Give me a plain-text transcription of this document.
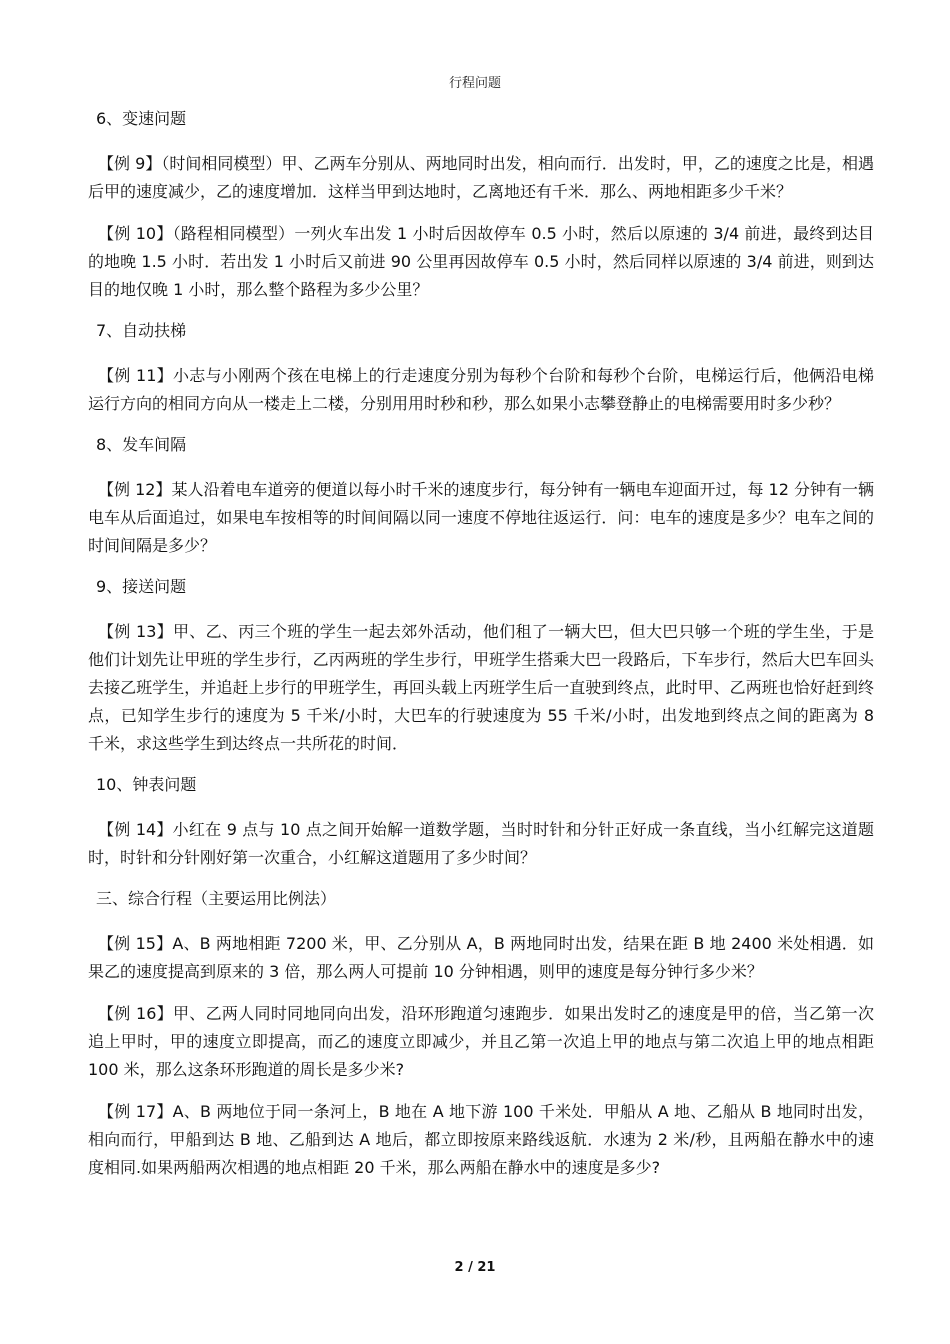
行程问题

6、变速问题

【例 9】（时间相同模型）甲、乙两车分别从、两地同时出发，相向而行．出发时，甲，乙的速度之比是，相遇后甲的速度减少，乙的速度增加．这样当甲到达地时，乙离地还有千米．那么、两地相距多少千米？

【例 10】（路程相同模型）一列火车出发 1 小时后因故停车 0.5 小时，然后以原速的 3/4 前进，最终到达目的地晚 1.5 小时．若出发 1 小时后又前进 90 公里再因故停车 0.5 小时，然后同样以原速的 3/4 前进，则到达目的地仅晚 1 小时，那么整个路程为多少公里？

7、自动扶梯

【例 11】小志与小刚两个孩在电梯上的行走速度分别为每秒个台阶和每秒个台阶，电梯运行后，他俩沿电梯运行方向的相同方向从一楼走上二楼，分别用用时秒和秒，那么如果小志攀登静止的电梯需要用时多少秒？

8、发车间隔

【例 12】某人沿着电车道旁的便道以每小时千米的速度步行，每分钟有一辆电车迎面开过，每 12 分钟有一辆电车从后面追过，如果电车按相等的时间间隔以同一速度不停地往返运行．问：电车的速度是多少？电车之间的时间间隔是多少？

9、接送问题

【例 13】甲、乙、丙三个班的学生一起去郊外活动，他们租了一辆大巴，但大巴只够一个班的学生坐，于是他们计划先让甲班的学生步行，乙丙两班的学生步行，甲班学生搭乘大巴一段路后，下车步行，然后大巴车回头去接乙班学生，并追赶上步行的甲班学生，再回头载上丙班学生后一直驶到终点，此时甲、乙两班也恰好赶到终点，已知学生步行的速度为 5 千米/小时，大巴车的行驶速度为 55 千米/小时，出发地到终点之间的距离为 8 千米，求这些学生到达终点一共所花的时间．

10、钟表问题

【例 14】小红在 9 点与 10 点之间开始解一道数学题，当时时针和分针正好成一条直线，当小红解完这道题时，时针和分针刚好第一次重合，小红解这道题用了多少时间？

三、综合行程（主要运用比例法）

【例 15】A、B 两地相距 7200 米，甲、乙分别从 A，B 两地同时出发，结果在距 B 地 2400 米处相遇．如果乙的速度提高到原来的 3 倍，那么两人可提前 10 分钟相遇，则甲的速度是每分钟行多少米？

【例 16】甲、乙两人同时同地同向出发，沿环形跑道匀速跑步．如果出发时乙的速度是甲的倍，当乙第一次追上甲时，甲的速度立即提高，而乙的速度立即减少，并且乙第一次追上甲的地点与第二次追上甲的地点相距 100 米，那么这条环形跑道的周长是多少米?

【例 17】A、B 两地位于同一条河上，B 地在 A 地下游 100 千米处．甲船从 A 地、乙船从 B 地同时出发，相向而行，甲船到达 B 地、乙船到达 A 地后，都立即按原来路线返航．水速为 2 米/秒，且两船在静水中的速度相同.如果两船两次相遇的地点相距 20 千米，那么两船在静水中的速度是多少?

2 / 21
